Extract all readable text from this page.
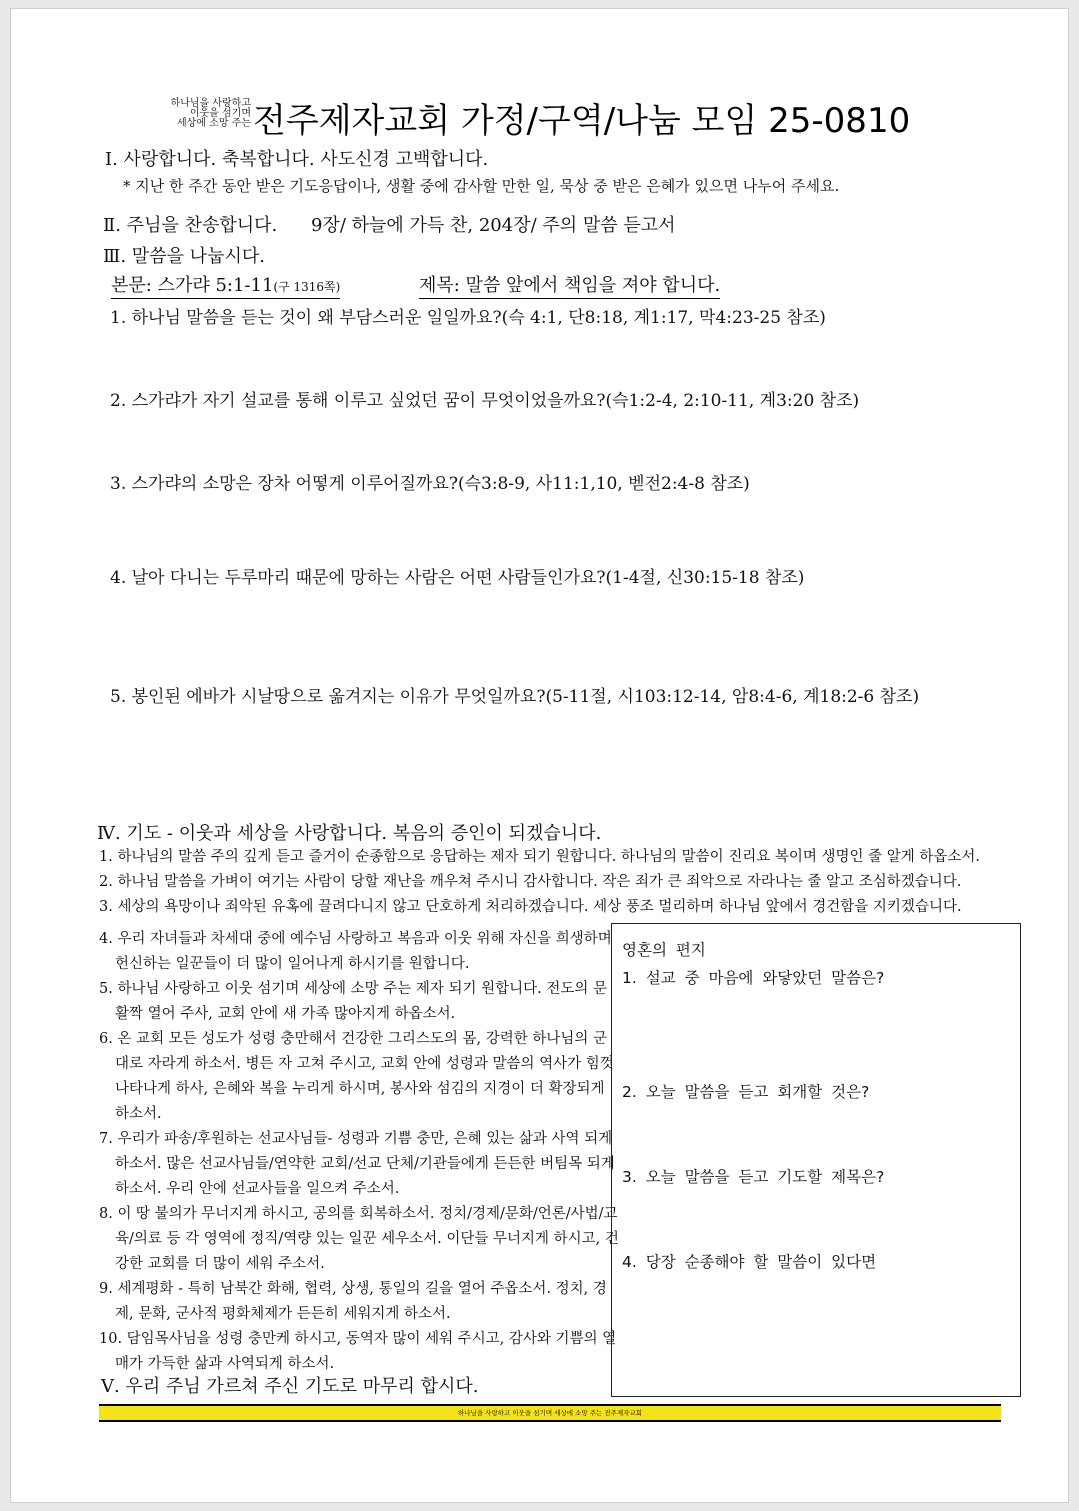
하나님을 사랑하고
이웃을 섬기며
세상에 소망 주는 전주제자교회 가정/구역/나눔 모임 25-0810
Ⅰ. 사랑합니다. 축복합니다. 사도신경 고백합니다.
* 지난 한 주간 동안 받은 기도응답이나, 생활 중에 감사할 만한 일, 묵상 중 받은 은혜가 있으면 나누어 주세요.
Ⅱ. 주님을 찬송합니다. 9장/ 하늘에 가득 찬, 204장/ 주의 말씀 듣고서
Ⅲ. 말씀을 나눕시다.
본문: 스가랴 5:1-11(구 1316쪽)	제목: 말씀 앞에서 책임을 져야 합니다.
1. 하나님 말씀을 듣는 것이 왜 부담스러운 일일까요?(슥 4:1, 단8:18, 계1:17, 막4:23-25 참조)
2. 스가랴가 자기 설교를 통해 이루고 싶었던 꿈이 무엇이었을까요?(슥1:2-4, 2:10-11, 계3:20 참조)
3. 스가랴의 소망은 장차 어떻게 이루어질까요?(슥3:8-9, 사11:1,10, 벧전2:4-8 참조)
4. 날아 다니는 두루마리 때문에 망하는 사람은 어떤 사람들인가요?(1-4절, 신30:15-18 참조)
5. 봉인된 에바가 시날땅으로 옮겨지는 이유가 무엇일까요?(5-11절, 시103:12-14, 암8:4-6, 계18:2-6 참조)
Ⅳ. 기도 - 이웃과 세상을 사랑합니다. 복음의 증인이 되겠습니다.
1. 하나님의 말씀 주의 깊게 듣고 즐거이 순종함으로 응답하는 제자 되기 원합니다. 하나님의 말씀이 진리요 복이며 생명인 줄 알게 하옵소서.
2. 하나님 말씀을 가벼이 여기는 사람이 당할 재난을 깨우쳐 주시니 감사합니다. 작은 죄가 큰 죄악으로 자라나는 줄 알고 조심하겠습니다.
3. 세상의 욕망이나 죄악된 유혹에 끌려다니지 않고 단호하게 처리하겠습니다. 세상 풍조 멀리하며 하나님 앞에서 경건함을 지키겠습니다.
4. 우리 자녀들과 차세대 중에 예수님 사랑하고 복음과 이웃 위해 자신을 희생하며 헌신하는 일꾼들이 더 많이 일어나게 하시기를 원합니다.
5. 하나님 사랑하고 이웃 섬기며 세상에 소망 주는 제자 되기 원합니다. 전도의 문 활짝 열어 주사, 교회 안에 새 가족 많아지게 하옵소서.
6. 온 교회 모든 성도가 성령 충만해서 건강한 그리스도의 몸, 강력한 하나님의 군대로 자라게 하소서. 병든 자 고쳐 주시고, 교회 안에 성령과 말씀의 역사가 힘껏 나타나게 하사, 은혜와 복을 누리게 하시며, 봉사와 섬김의 지경이 더 확장되게 하소서.
7. 우리가 파송/후원하는 선교사님들- 성령과 기쁨 충만, 은혜 있는 삶과 사역 되게 하소서. 많은 선교사님들/연약한 교회/선교 단체/기관들에게 든든한 버팀목 되게 하소서. 우리 안에 선교사들을 일으켜 주소서.
8. 이 땅 불의가 무너지게 하시고, 공의를 회복하소서. 정치/경제/문화/언론/사법/교육/의료 등 각 영역에 정직/역량 있는 일꾼 세우소서. 이단들 무너지게 하시고, 건강한 교회를 더 많이 세워 주소서.
9. 세계평화 - 특히 남북간 화해, 협력, 상생, 통일의 길을 열어 주옵소서. 정치, 경제, 문화, 군사적 평화체제가 든든히 세워지게 하소서.
10. 담임목사님을 성령 충만케 하시고, 동역자 많이 세워 주시고, 감사와 기쁨의 열매가 가득한 삶과 사역되게 하소서.
Ⅴ. 우리 주님 가르쳐 주신 기도로 마무리 합시다.
영혼의 편지
1. 설교 중 마음에 와닿았던 말씀은?
2. 오늘 말씀을 듣고 회개할 것은?
3. 오늘 말씀을 듣고 기도할 제목은?
4. 당장 순종해야 할 말씀이 있다면
하나님을 사랑하고 이웃을 섬기며 세상에 소망 주는 전주제자교회
